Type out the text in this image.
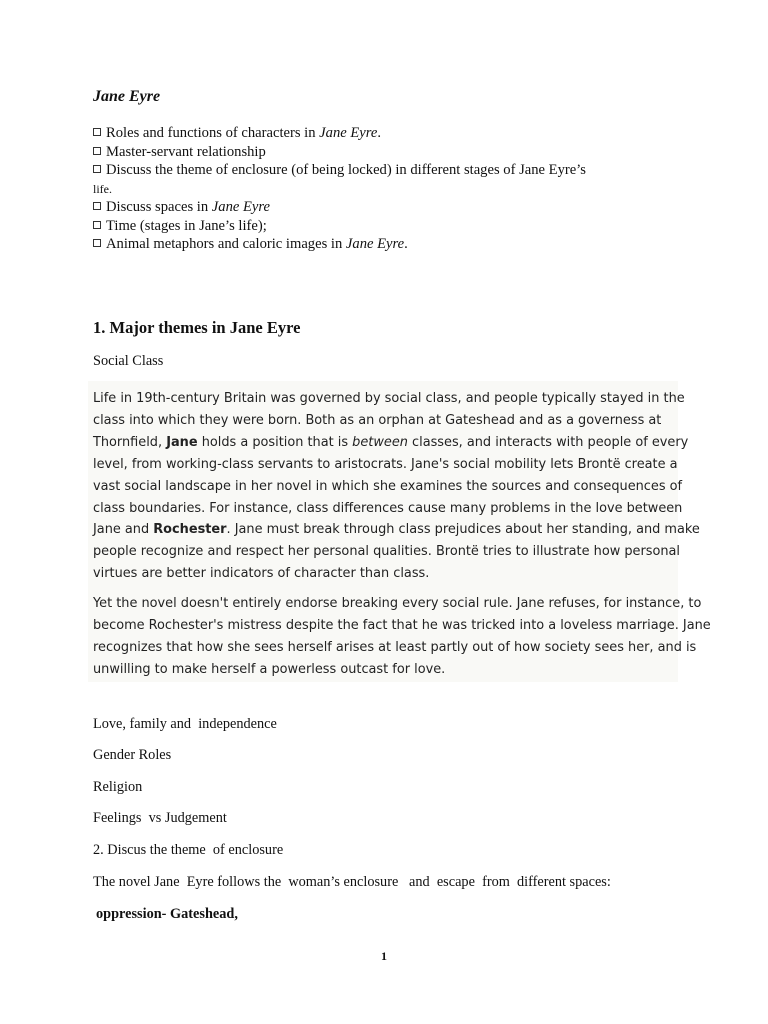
Jane Eyre
Roles and functions of characters in Jane Eyre.
Master-servant relationship
Discuss the theme of enclosure (of being locked) in different stages of Jane Eyre’s
life.
Discuss spaces in Jane Eyre
Time (stages in Jane’s life);
Animal metaphors and caloric images in Jane Eyre.
1. Major themes in Jane Eyre
Social Class
Life in 19th-century Britain was governed by social class, and people typically stayed in the
class into which they were born. Both as an orphan at Gateshead and as a governess at
Thornfield, Jane holds a position that is between classes, and interacts with people of every
level, from working-class servants to aristocrats. Jane's social mobility lets Brontë create a
vast social landscape in her novel in which she examines the sources and consequences of
class boundaries. For instance, class differences cause many problems in the love between
Jane and Rochester. Jane must break through class prejudices about her standing, and make
people recognize and respect her personal qualities. Brontë tries to illustrate how personal
virtues are better indicators of character than class.
Yet the novel doesn't entirely endorse breaking every social rule. Jane refuses, for instance, to
become Rochester's mistress despite the fact that he was tricked into a loveless marriage. Jane
recognizes that how she sees herself arises at least partly out of how society sees her, and is
unwilling to make herself a powerless outcast for love.
Love, family and  independence
Gender Roles
Religion
Feelings  vs Judgement
2. Discus the theme  of enclosure
The novel Jane  Eyre follows the  woman’s enclosure   and  escape  from  different spaces:
oppression- Gateshead,
1
